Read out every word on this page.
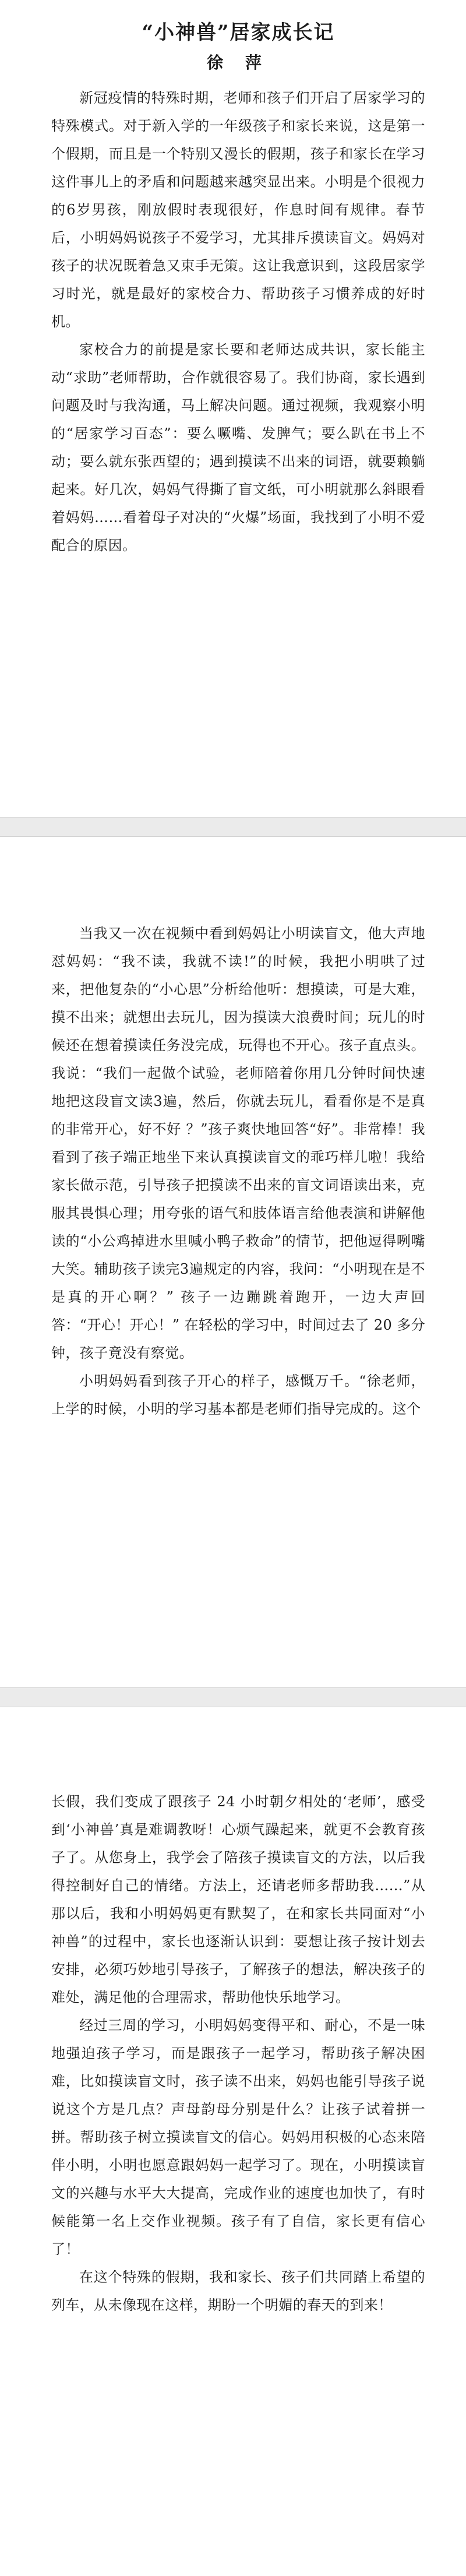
“小神兽”居家成长记
徐 萍

新冠疫情的特殊时期，老师和孩子们开启了居家学习的特殊模式。对于新入学的一年级孩子和家长来说，这是第一个假期，而且是一个特别又漫长的假期，孩子和家长在学习这件事儿上的矛盾和问题越来越突显出来。小明是个很视力的6岁男孩，刚放假时表现很好，作息时间有规律。春节后，小明妈妈说孩子不爱学习，尤其排斥摸读盲文。妈妈对孩子的状况既着急又束手无策。这让我意识到，这段居家学习时光，就是最好的家校合力、帮助孩子习惯养成的好时机。

家校合力的前提是家长要和老师达成共识，家长能主动“求助”老师帮助，合作就很容易了。我们协商，家长遇到问题及时与我沟通，马上解决问题。通过视频，我观察小明的“居家学习百态”：要么噘嘴、发脾气；要么趴在书上不动；要么就东张西望的；遇到摸读不出来的词语，就要赖躺起来。好几次，妈妈气得撕了盲文纸，可小明就那么斜眼看着妈妈……看着母子对决的“火爆”场面，我找到了小明不爱配合的原因。

当我又一次在视频中看到妈妈让小明读盲文，他大声地怼妈妈：“我不读，我就不读!”的时候，我把小明哄了过来，把他复杂的“小心思”分析给他听：想摸读，可是大难，摸不出来；就想出去玩儿，因为摸读大浪费时间；玩儿的时候还在想着摸读任务没完成，玩得也不开心。孩子直点头。我说：“我们一起做个试验，老师陪着你用几分钟时间快速地把这段盲文读3遍，然后，你就去玩儿，看看你是不是真的非常开心，好不好 ？”孩子爽快地回答“好”。非常棒！我看到了孩子端正地坐下来认真摸读盲文的乖巧样儿啦！我给家长做示范，引导孩子把摸读不出来的盲文词语读出来，克服其畏惧心理；用夸张的语气和肢体语言给他表演和讲解他读的“小公鸡掉进水里喊小鸭子救命”的情节，把他逗得咧嘴大笑。辅助孩子读完3遍规定的内容，我问：“小明现在是不是真的开心啊？” 孩子一边蹦跳着跑开，一边大声回答：“开心！开心！” 在轻松的学习中，时间过去了 20 多分钟，孩子竟没有察觉。

小明妈妈看到孩子开心的样子，感慨万千。“徐老师，上学的时候，小明的学习基本都是老师们指导完成的。这个

长假，我们变成了跟孩子 24 小时朝夕相处的‘老师’，感受到‘小神兽’真是难调教呀！心烦气躁起来，就更不会教育孩子了。从您身上，我学会了陪孩子摸读盲文的方法，以后我得控制好自己的情绪。方法上，还请老师多帮助我……”从那以后，我和小明妈妈更有默契了，在和家长共同面对“小神兽”的过程中，家长也逐渐认识到：要想让孩子按计划去安排，必须巧妙地引导孩子，了解孩子的想法，解决孩子的难处，满足他的合理需求，帮助他快乐地学习。

经过三周的学习，小明妈妈变得平和、耐心，不是一味地强迫孩子学习，而是跟孩子一起学习，帮助孩子解决困难，比如摸读盲文时，孩子读不出来，妈妈也能引导孩子说说这个方是几点？声母韵母分别是什么？让孩子试着拼一拼。帮助孩子树立摸读盲文的信心。妈妈用积极的心态来陪伴小明，小明也愿意跟妈妈一起学习了。现在，小明摸读盲文的兴趣与水平大大提高，完成作业的速度也加快了，有时候能第一名上交作业视频。孩子有了自信，家长更有信心了！

在这个特殊的假期，我和家长、孩子们共同踏上希望的列车，从未像现在这样，期盼一个明媚的春天的到来！
